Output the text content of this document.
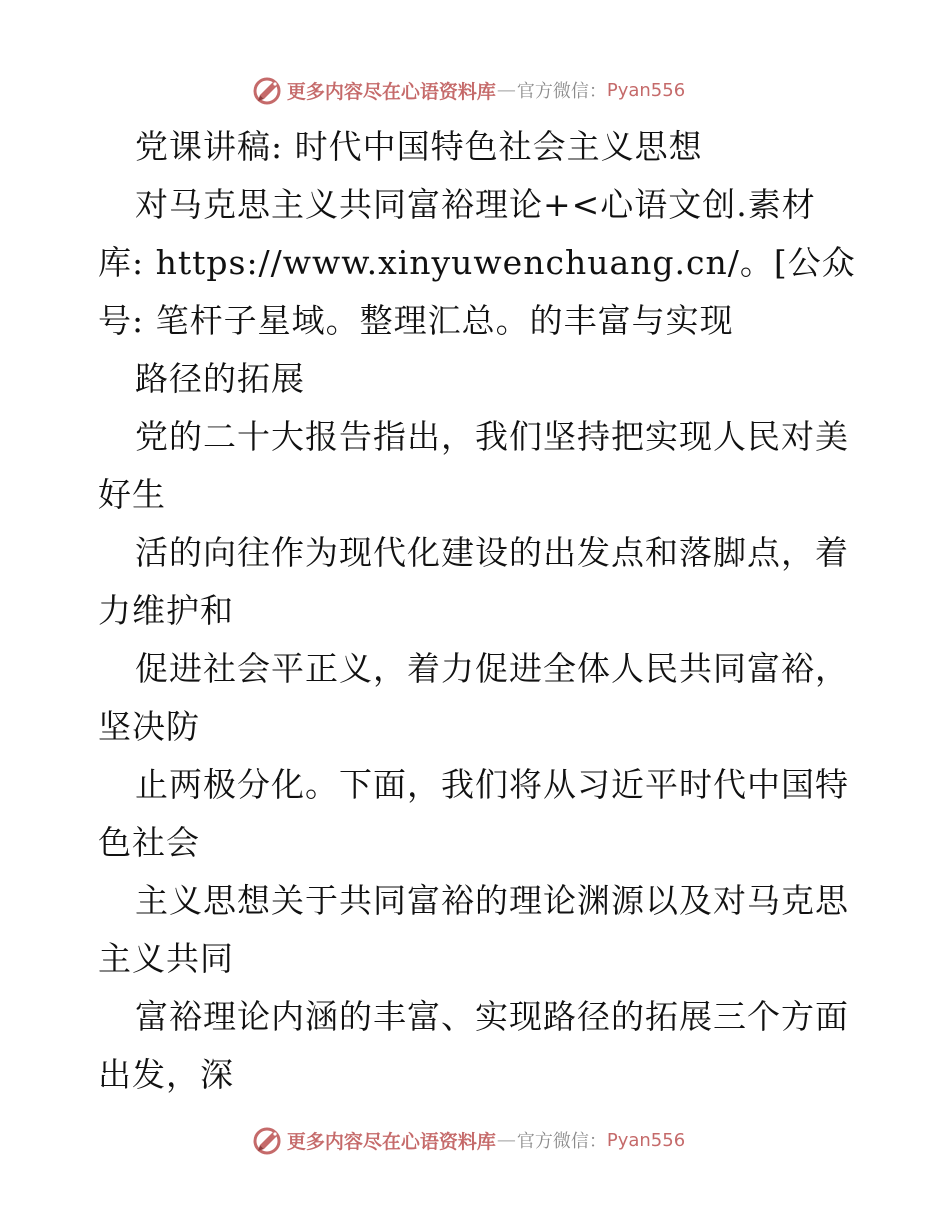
更多内容尽在心语资料库 — 官方微信： Pyan556
党课讲稿: 时代中国特色社会主义思想
对马克思主义共同富裕理论+<心语文创.素材
库: https://www.xinyuwenchuang.cn/。[公众
号: 笔杆子星域。整理汇总。的丰富与实现
路径的拓展
党的二十大报告指出，我们坚持把实现人民对美
好生
活的向往作为现代化建设的出发点和落脚点，着
力维护和
促进社会平正义，着力促进全体人民共同富裕，
坚决防
止两极分化。下面，我们将从习近平时代中国特
色社会
主义思想关于共同富裕的理论渊源以及对马克思
主义共同
富裕理论内涵的丰富、实现路径的拓展三个方面
出发，深
更多内容尽在心语资料库 — 官方微信： Pyan556
